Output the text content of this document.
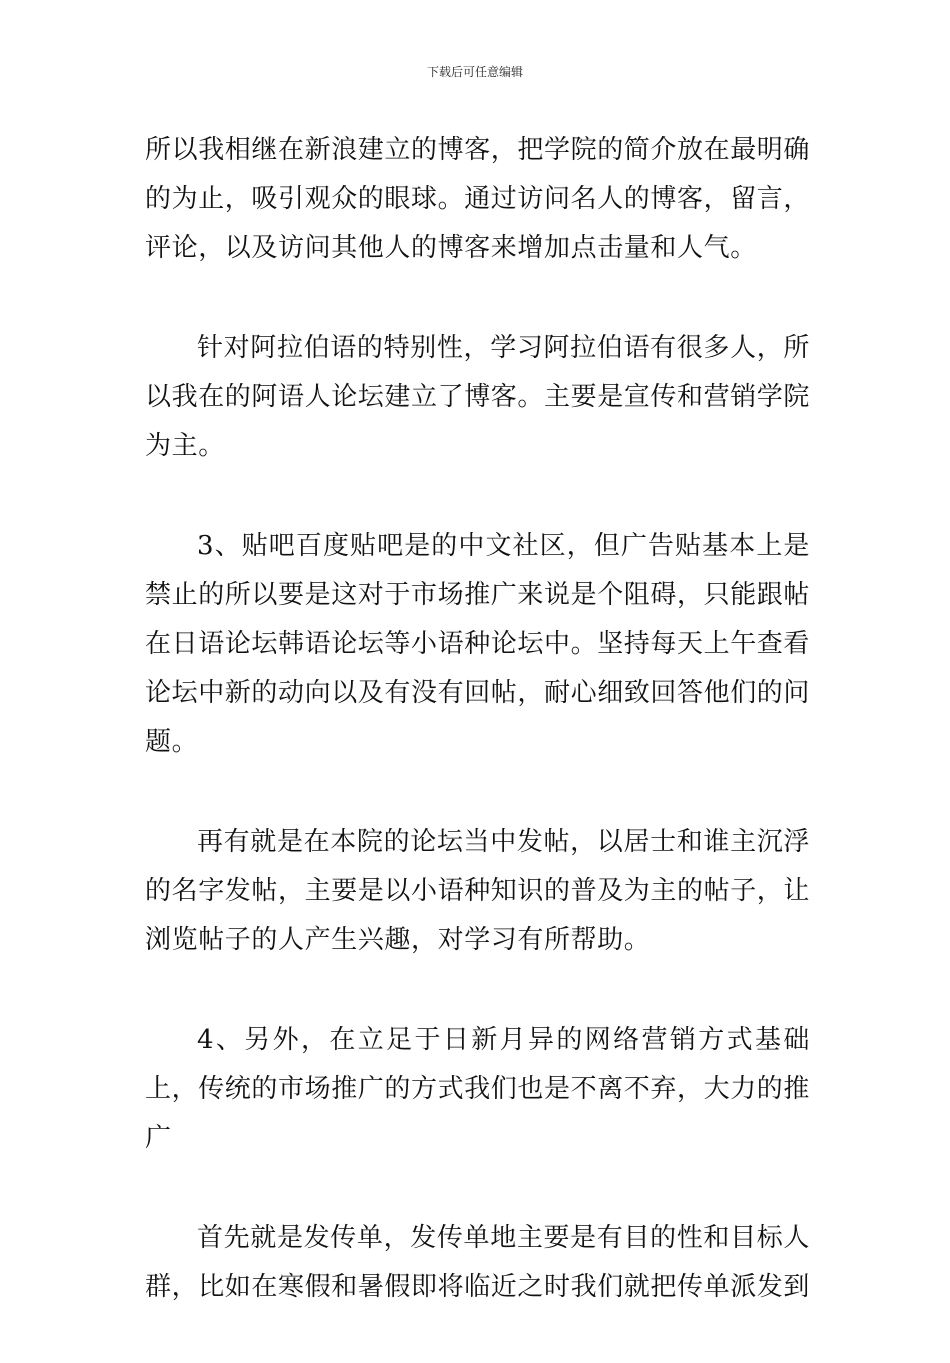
下载后可任意编辑

所以我相继在新浪建立的博客，把学院的简介放在最明确的为止，吸引观众的眼球。通过访问名人的博客，留言，评论，以及访问其他人的博客来增加点击量和人气。

针对阿拉伯语的特别性，学习阿拉伯语有很多人，所以我在的阿语人论坛建立了博客。主要是宣传和营销学院为主。

3、贴吧百度贴吧是的中文社区，但广告贴基本上是禁止的所以要是这对于市场推广来说是个阻碍，只能跟帖在日语论坛韩语论坛等小语种论坛中。坚持每天上午查看论坛中新的动向以及有没有回帖，耐心细致回答他们的问题。

再有就是在本院的论坛当中发帖，以居士和谁主沉浮的名字发帖，主要是以小语种知识的普及为主的帖子，让浏览帖子的人产生兴趣，对学习有所帮助。

4、另外，在立足于日新月异的网络营销方式基础上，传统的市场推广的方式我们也是不离不弃，大力的推广

首先就是发传单，发传单地主要是有目的性和目标人群，比如在寒假和暑假即将临近之时我们就把传单派发到
